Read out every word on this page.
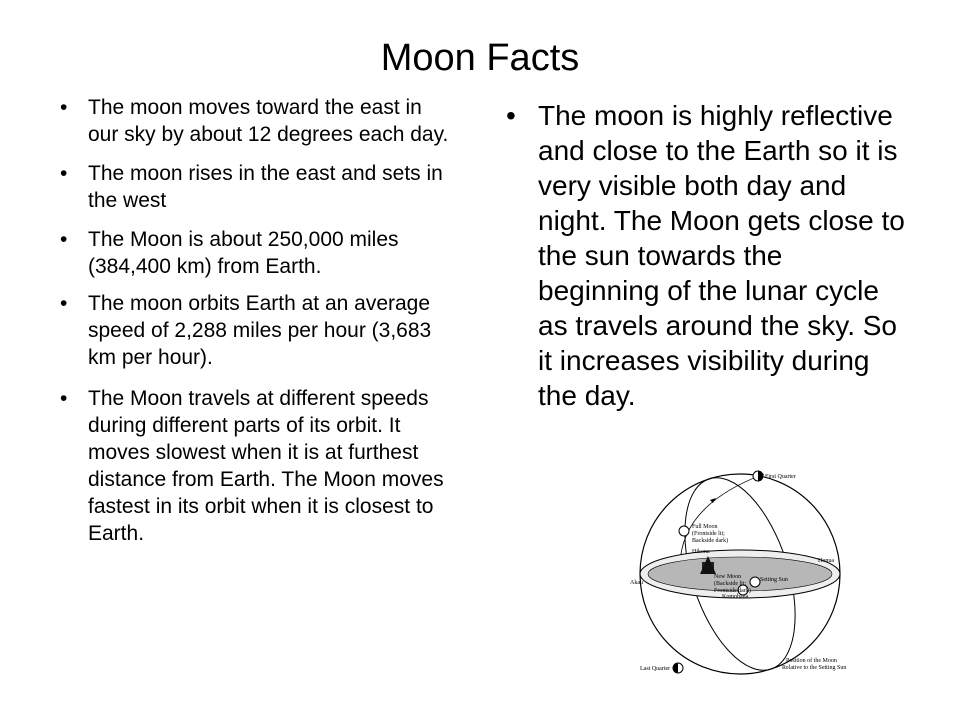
Moon Facts
• The moon moves toward the east in our sky by about 12 degrees each day.
• The moon rises in the east and sets in the west
• The Moon is about 250,000 miles (384,400 km) from Earth.
• The moon orbits Earth at an average speed of 2,288 miles per hour (3,683 km per hour).
• The Moon travels at different speeds during different parts of its orbit. It moves slowest when it is at furthest distance from Earth. The Moon moves fastest in its orbit when it is closest to Earth.
• The moon is highly reflective and close to the Earth so it is very visible both day and night. The Moon gets close to the sun towards the beginning of the lunar cycle as travels around the sky. So it increases visibility during the day.
First Quarter
Full Moon
(Frontside lit;
Backside dark)
Hikona
Honua
Akau
New Moon
(Backside lit;
Frontside dark)
Setting Sun
Komohana
Last Quarter
Position of the Moon
Relative to the Setting Sun
